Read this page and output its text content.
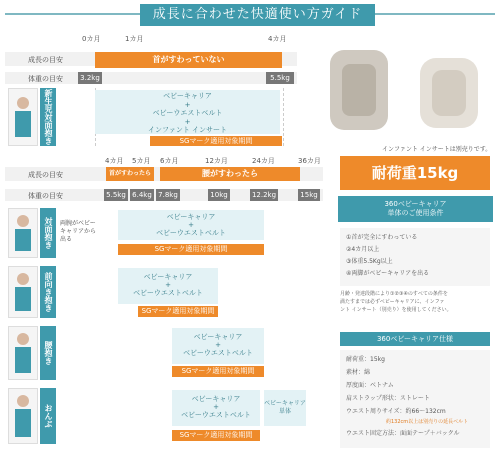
成長に合わせた快適使い方ガイド
0カ月	1カ月	4カ月
成長の目安	首がすわっていない
体重の目安	3.2kg	5.5kg
新生児対面抱き	ベビーキャリア
+
ベビーウエストベルト
+
インファント インサート
SGマーク適用対象期間
4カ月 5カ月 6カ月	12カ月	24カ月	36カ月
成長の目安	首がすわったら	腰がすわったら
体重の目安	5.5kg 6.4kg 7.8kg	10kg	12.2kg	15kg
対面抱き	両腕がベビーキャリアから出る
ベビーキャリア
+
ベビーウエストベルト
SGマーク適用対象期間
前向き抱き	ベビーキャリア
+
ベビーウエストベルト
SGマーク適用対象期間
腰抱き
ベビーキャリア
+
ベビーウエストベルト
SGマーク適用対象期間
おんぶ
ベビーキャリア
+
ベビーウエストベルト
ベビーキャリア
単体
SGマーク適用対象期間
インファント インサートは別売りです。
耐荷重15kg
360ベビーキャリア
単体のご使用条件
①首が完全にすわっている
②4カ月以上
③体重5.5Kg以上
④両脚がベビーキャリアを出る
月齢・発達段階により①②③④のすべての条件を
満たすまでは必ずベビーキャリアに、インファ
ント インサート（別売り）を使用してください。
360ベビーキャリア仕様
耐荷重：15kg
素材：綿
厚度面：ベトナム
肩ストラップ形状：ストレート
ウエスト周りサイズ：約66〜132cm
約132cm以上は別売りの延長ベルト
ウエスト固定方法：面面テープ＋バックル
